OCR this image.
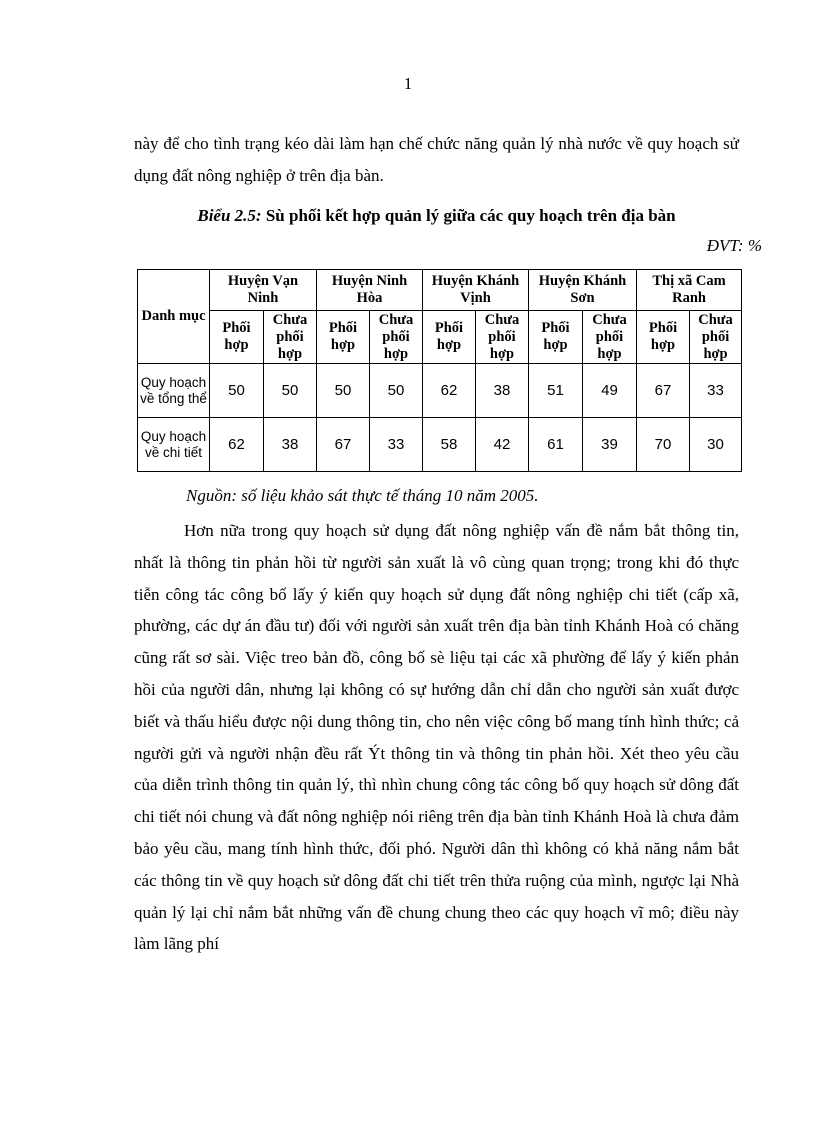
1

này để cho tình trạng kéo dài làm hạn chế chức năng quản lý nhà nước về quy hoạch sử dụng đất nông nghiệp ở trên địa bàn.

Biểu 2.5: Sù phối kết hợp quản lý giữa các quy hoạch trên địa bàn
ĐVT: %
Danh mục	Huyện Vạn Ninh		Huyện Ninh Hòa		Huyện Khánh Vịnh		Huyện Khánh Sơn		Thị xã Cam Ranh	
	Phối hợp	Chưa phối hợp	Phối hợp	Chưa phối hợp	Phối hợp	Chưa phối hợp	Phối hợp	Chưa phối hợp	Phối hợp	Chưa phối hợp
Quy hoạch về tổng thể	50	50	50	50	62	38	51	49	67	33
Quy hoạch về chi tiết	62	38	67	33	58	42	61	39	70	30
Nguồn: số liệu khảo sát thực tế tháng 10 năm 2005.

Hơn nữa trong quy hoạch sử dụng đất nông nghiệp vấn đề nắm bắt thông tin, nhất là thông tin phản hồi từ người sản xuất là vô cùng quan trọng; trong khi đó thực tiễn công tác công bố lấy ý kiến quy hoạch sử dụng đất nông nghiệp chi tiết (cấp xã, phường, các dự án đầu tư) đối với người sản xuất trên địa bàn tỉnh Khánh Hoà có chăng cũng rất sơ sài. Việc treo bản đồ, công bố sè liệu tại các xã phường để lấy ý kiến phản hồi của người dân, nhưng lại không có sự hướng dẫn chỉ dẫn cho người sản xuất được biết và thấu hiểu được nội dung thông tin, cho nên việc công bố mang tính hình thức; cả người gửi và người nhận đều rất Ýt thông tin và thông tin phản hồi. Xét theo yêu cầu của diễn trình thông tin quản lý, thì nhìn chung công tác công bố quy hoạch sử dông đất chi tiết nói chung và đất nông nghiệp nói riêng trên địa bàn tỉnh Khánh Hoà là chưa đảm bảo yêu cầu, mang tính hình thức, đối phó. Người dân thì không có khả năng nắm bắt các thông tin về quy hoạch sử dông đất chi tiết trên thửa ruộng của mình, ngược lại Nhà quản lý lại chỉ nắm bắt những vấn đề chung chung theo các quy hoạch vĩ mô; điều này làm lãng phí
